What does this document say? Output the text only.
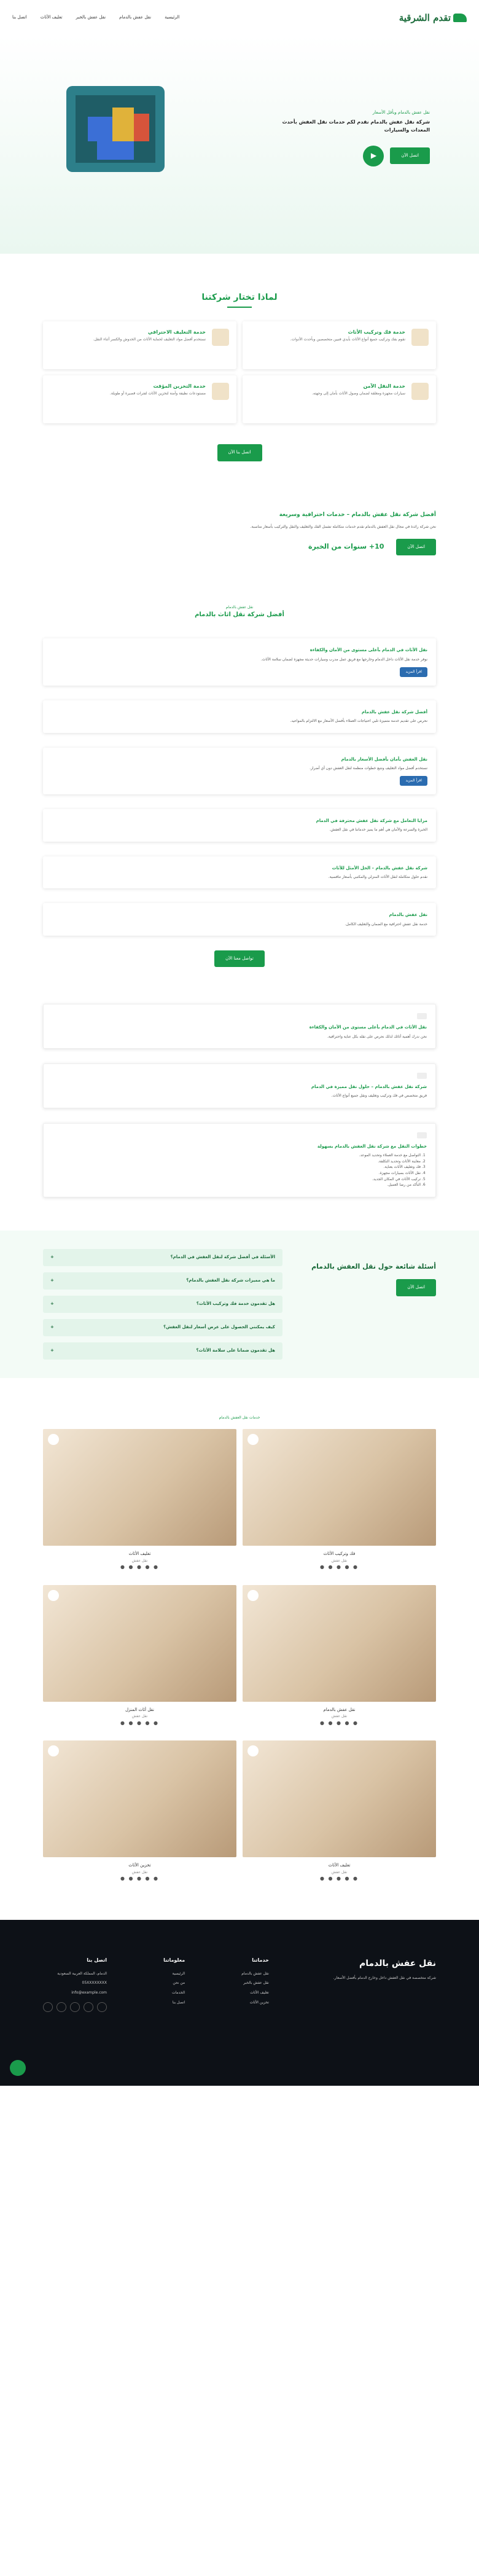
تقدم الشرقية
الرئيسية
نقل عفش بالدمام
نقل عفش بالخبر
تغليف الأثاث
اتصل بنا
نقل عفش بالدمام وبأقل الأسعار
شركة نقل عفش بالدمام نقدم لكم خدمات نقل العفش بأحدث المعدات والسيارات
اتصل الآن
▶
لماذا تختار شركتنا
خدمة فك وتركيب الأثاث

نقوم بفك وتركيب جميع أنواع الأثاث بأيدي فنيين متخصصين وبأحدث الأدوات.

خدمة التغليف الاحترافي

نستخدم أفضل مواد التغليف لحماية الأثاث من الخدوش والكسر أثناء النقل.

خدمة النقل الآمن

سيارات مجهزة ومغلقة لضمان وصول الأثاث بأمان إلى وجهته.

خدمة التخزين المؤقت

مستودعات نظيفة وآمنة لتخزين الأثاث لفترات قصيرة أو طويلة.

اتصل بنا الآن
أفضل شركة نقل عفش بالدمام – خدمات احترافية وسريعة

نحن شركة رائدة في مجال نقل العفش بالدمام نقدم خدمات متكاملة تشمل الفك والتغليف والنقل والتركيب بأسعار مناسبة.

اتصل الآن
10+ سنوات من الخبرة
نقل عفش بالدمام
أفضل شركة نقل اثاث بالدمام
نقل الأثاث في الدمام بأعلى مستوى من الأمان والكفاءة

نوفر خدمة نقل الأثاث داخل الدمام وخارجها مع فريق عمل مدرب وسيارات حديثة مجهزة لضمان سلامة الأثاث.

اقرأ المزيد
أفضل شركة نقل عفش بالدمام

نحرص على تقديم خدمة متميزة تلبي احتياجات العملاء بأفضل الأسعار مع الالتزام بالمواعيد.

نقل العفش بأمان بأفضل الأسعار بالدمام

نستخدم أفضل مواد التغليف ونتبع خطوات منظمة لنقل العفش دون أي أضرار.

اقرأ المزيد
مزايا التعامل مع شركة نقل عفش محترفة في الدمام

الخبرة والسرعة والأمان هي أهم ما يميز خدماتنا في نقل العفش.

شركة نقل عفش بالدمام – الحل الأمثل للأثاث

نقدم حلول متكاملة لنقل الأثاث المنزلي والمكتبي بأسعار تنافسية.

نقل عفش بالدمام

خدمة نقل عفش احترافية مع الضمان والتغليف الكامل.

تواصل معنا الآن
نقل الأثاث في الدمام بأعلى مستوى من الأمان والكفاءة

نحن ندرك أهمية أثاثك لذلك نحرص على نقله بكل عناية واحترافية.

شركة نقل عفش بالدمام – حلول نقل مميزة في الدمام

فريق متخصص في فك وتركيب وتغليف ونقل جميع أنواع الأثاث.

خطوات النقل مع شركة نقل العفش بالدمام بسهولة
1. التواصل مع خدمة العملاء وتحديد الموعد.
2. معاينة الأثاث وتحديد التكلفة.
3. فك وتغليف الأثاث بعناية.
4. نقل الأثاث بسيارات مجهزة.
5. تركيب الأثاث في المكان الجديد.
6. التأكد من رضا العميل.
أسئلة شائعة حول نقل العفش بالدمام
اتصل الآن
الأسئلة في أفضل شركة لنقل العفش في الدمام؟
+
ما هي مميزات شركة نقل العفش بالدمام؟
+
هل تقدمون خدمة فك وتركيب الأثاث؟
+
كيف يمكنني الحصول على عرض أسعار لنقل العفش؟
+
هل تقدمون ضمانا على سلامة الأثاث؟
+
خدمات نقل العفش بالدمام
فك وتركيب الأثاث
نقل عفش
● ● ● ● ●
تغليف الأثاث
نقل عفش
● ● ● ● ●
نقل عفش بالدمام
نقل عفش
● ● ● ● ●
نقل أثاث المنزل
نقل عفش
● ● ● ● ●
تغليف الأثاث
نقل عفش
● ● ● ● ●
تخزين الأثاث
نقل عفش
● ● ● ● ●
نقل عفش بالدمام

شركة متخصصة في نقل العفش داخل وخارج الدمام بأفضل الأسعار.

خدماتنا
نقل عفش بالدمام
نقل عفش بالخبر
تغليف الأثاث
تخزين الأثاث
معلوماتنا
الرئيسية
من نحن
الخدمات
اتصل بنا
اتصل بنا

الدمام، المملكة العربية السعودية

05XXXXXXXX

info@example.com
